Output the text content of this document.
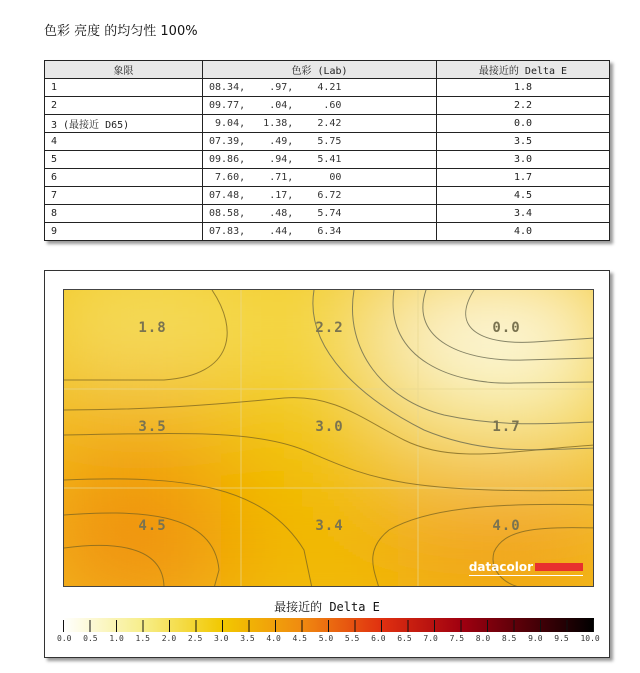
色彩 亮度 的均匀性 100%
象限	色彩 (Lab)	最接近的 Delta E
1	08.34,    .97,    4.21	1.8
2	09.77,    .04,     .60	2.2
3 (最接近 D65)	9.04,   1.38,    2.42	0.0
4	07.39,    .49,    5.75	3.5
5	09.86,    .94,    5.41	3.0
6	7.60,    .71,      00	1.7
7	07.48,    .17,    6.72	4.5
8	08.58,    .48,    5.74	3.4
9	07.83,    .44,    6.34	4.0
1.8	2.2	0.0
3.5	3.0	1.7
4.5	3.4	4.0
datacolor
最接近的 Delta E
0.0 0.5 1.0 1.5 2.0 2.5 3.0 3.5 4.0 4.5 5.0 5.5 6.0 6.5 7.0 7.5 8.0 8.5 9.0 9.5 10.0
